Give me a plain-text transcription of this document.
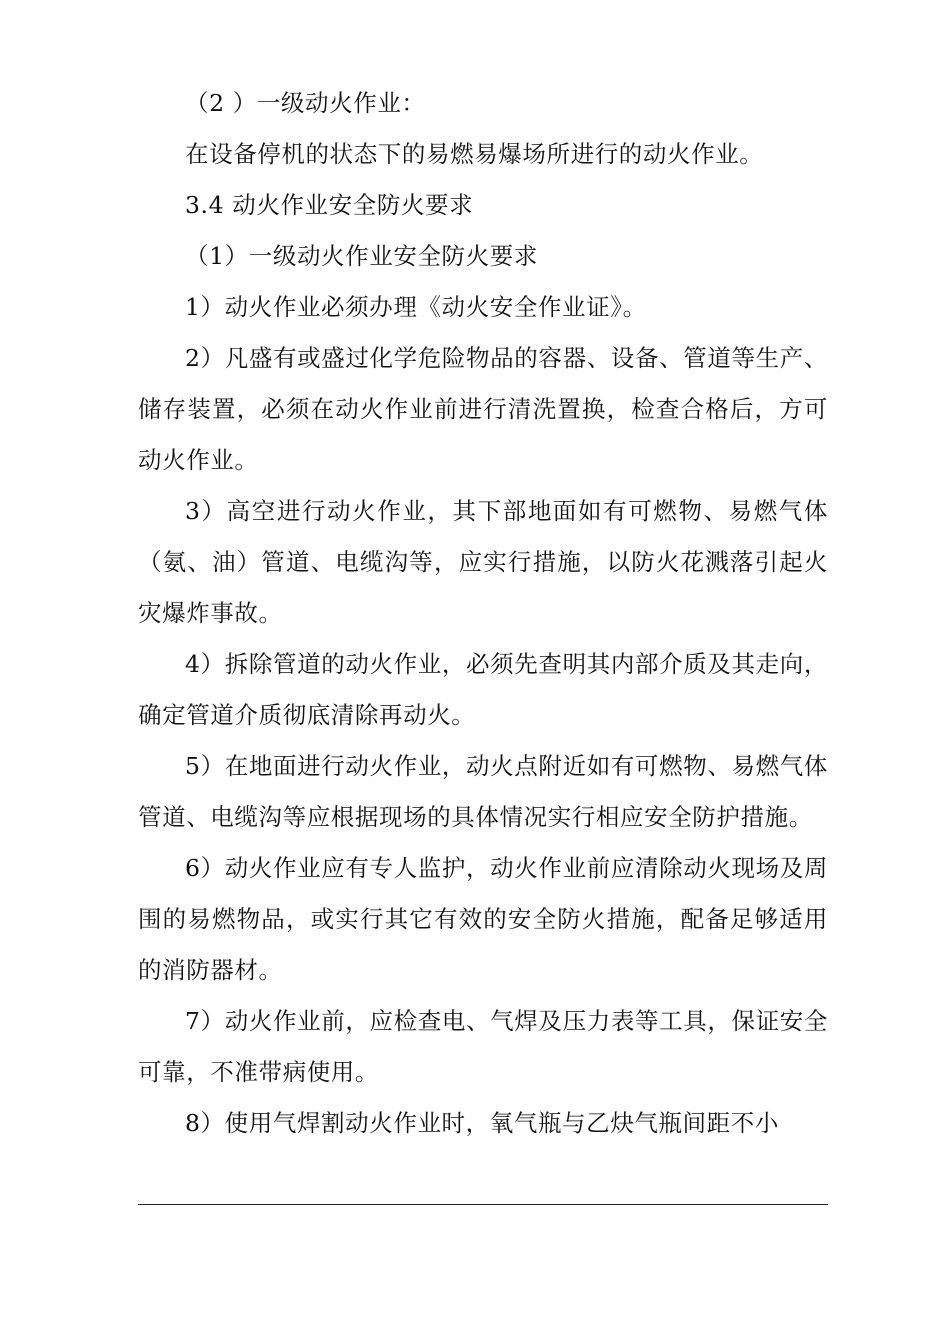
（2 ）一级动火作业：

在设备停机的状态下的易燃易爆场所进行的动火作业。

3.4 动火作业安全防火要求

（1）一级动火作业安全防火要求

1）动火作业必须办理《动火安全作业证》。

2）凡盛有或盛过化学危险物品的容器、设备、管道等生产、储存装置，必须在动火作业前进行清洗置换，检查合格后，方可动火作业。

3）高空进行动火作业，其下部地面如有可燃物、易燃气体（氨、油）管道、电缆沟等，应实行措施，以防火花溅落引起火灾爆炸事故。

4）拆除管道的动火作业，必须先查明其内部介质及其走向，确定管道介质彻底清除再动火。

5）在地面进行动火作业，动火点附近如有可燃物、易燃气体管道、电缆沟等应根据现场的具体情况实行相应安全防护措施。

6）动火作业应有专人监护，动火作业前应清除动火现场及周围的易燃物品，或实行其它有效的安全防火措施，配备足够适用的消防器材。

7）动火作业前，应检查电、气焊及压力表等工具，保证安全可靠，不准带病使用。

8）使用气焊割动火作业时，氧气瓶与乙炔气瓶间距不小
